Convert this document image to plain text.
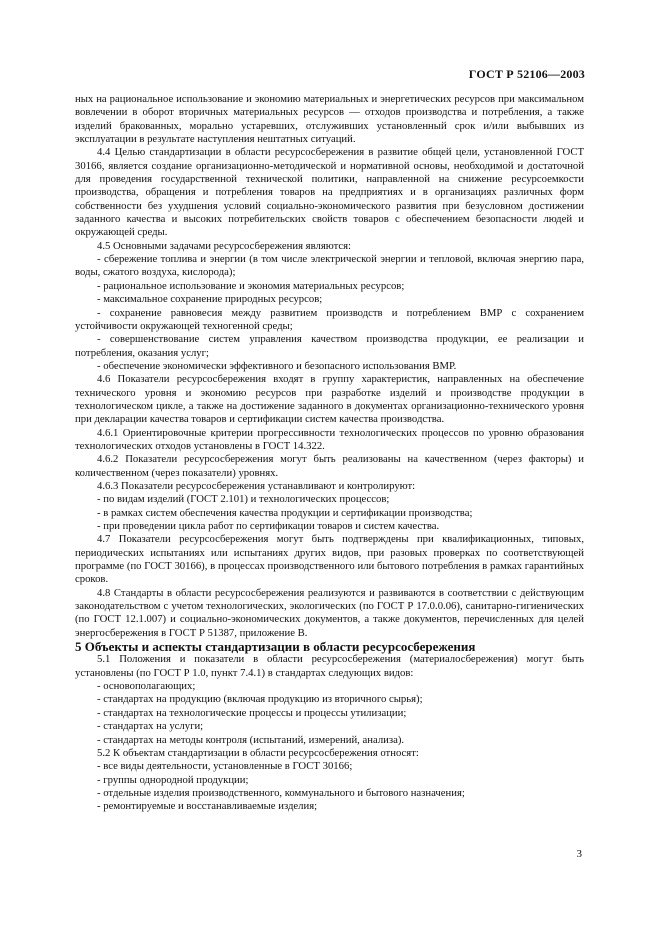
ГОСТ Р 52106—2003

ных на рациональное использование и экономию материальных и энергетических ресурсов при максимальном вовлечении в оборот вторичных материальных ресурсов — отходов производства и потребления, а также изделий бракованных, морально устаревших, отслуживших установленный срок и/или выбывших из эксплуатации в результате наступления нештатных ситуаций.

4.4 Целью стандартизации в области ресурсосбережения в развитие общей цели, установленной ГОСТ 30166, является создание организационно-методической и нормативной основы, необходимой и достаточной для проведения государственной технической политики, направленной на снижение ресурсоемкости производства, обращения и потребления товаров на предприятиях и в организациях различных форм собственности без ухудшения условий социально-экономического развития при безусловном достижении заданного качества и высоких потребительских свойств товаров с обеспечением безопасности людей и окружающей среды.

4.5 Основными задачами ресурсосбережения являются:

- сбережение топлива и энергии (в том числе электрической энергии и тепловой, включая энергию пара, воды, сжатого воздуха, кислорода);

- рациональное использование и экономия материальных ресурсов;

- максимальное сохранение природных ресурсов;

- сохранение равновесия между развитием производств и потреблением ВМР с сохранением устойчивости окружающей техногенной среды;

- совершенствование систем управления качеством производства продукции, ее реализации и потребления, оказания услуг;

- обеспечение экономически эффективного и безопасного использования ВМР.

4.6 Показатели ресурсосбережения входят в группу характеристик, направленных на обеспечение технического уровня и экономию ресурсов при разработке изделий и производстве продукции в технологическом цикле, а также на достижение заданного в документах организационно-технического уровня при декларации качества товаров и сертификации систем качества производства.

4.6.1 Ориентировочные критерии прогрессивности технологических процессов по уровню образования технологических отходов установлены в ГОСТ 14.322.

4.6.2 Показатели ресурсосбережения могут быть реализованы на качественном (через факторы) и количественном (через показатели) уровнях.

4.6.3 Показатели ресурсосбережения устанавливают и контролируют:

- по видам изделий (ГОСТ 2.101) и технологических процессов;

- в рамках систем обеспечения качества продукции и сертификации производства;

- при проведении цикла работ по сертификации товаров и систем качества.

4.7 Показатели ресурсосбережения могут быть подтверждены при квалификационных, типовых, периодических испытаниях или испытаниях других видов, при разовых проверках по соответствующей программе (по ГОСТ 30166), в процессах производственного или бытового потребления в рамках гарантийных сроков.

4.8 Стандарты в области ресурсосбережения реализуются и развиваются в соответствии с действующим законодательством с учетом технологических, экологических (по ГОСТ Р 17.0.0.06), санитарно-гигиенических (по ГОСТ 12.1.007) и социально-экономических документов, а также документов, перечисленных для целей энергосбережения в ГОСТ Р 51387, приложение В.

5 Объекты и аспекты стандартизации в области ресурсосбережения

5.1 Положения и показатели в области ресурсосбережения (материалосбережения) могут быть установлены (по ГОСТ Р 1.0, пункт 7.4.1) в стандартах следующих видов:

- основополагающих;

- стандартах на продукцию (включая продукцию из вторичного сырья);

- стандартах на технологические процессы и процессы утилизации;

- стандартах на услуги;

- стандартах на методы контроля (испытаний, измерений, анализа).

5.2 К объектам стандартизации в области ресурсосбережения относят:

- все виды деятельности, установленные в ГОСТ 30166;

- группы однородной продукции;

- отдельные изделия производственного, коммунального и бытового назначения;

- ремонтируемые и восстанавливаемые изделия;

3
